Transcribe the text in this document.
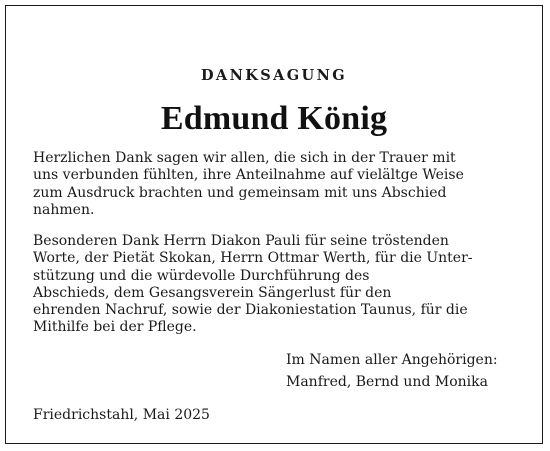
DANKSAGUNG
Edmund König
Herzlichen Dank sagen wir allen, die sich in der Trauer mit
uns verbunden fühlten, ihre Anteilnahme auf vielältge Weise
zum Ausdruck brachten und gemeinsam mit uns Abschied
nahmen.
Besonderen Dank Herrn Diakon Pauli für seine tröstenden
Worte, der Pietät Skokan, Herrn Ottmar Werth, für die Unter-
stützung und die würdevolle Durchführung des
Abschieds, dem Gesangsverein Sängerlust für den
ehrenden Nachruf, sowie der Diakoniestation Taunus, für die
Mithilfe bei der Pflege.
Im Namen aller Angehörigen:
Manfred, Bernd und Monika
Friedrichstahl, Mai 2025
